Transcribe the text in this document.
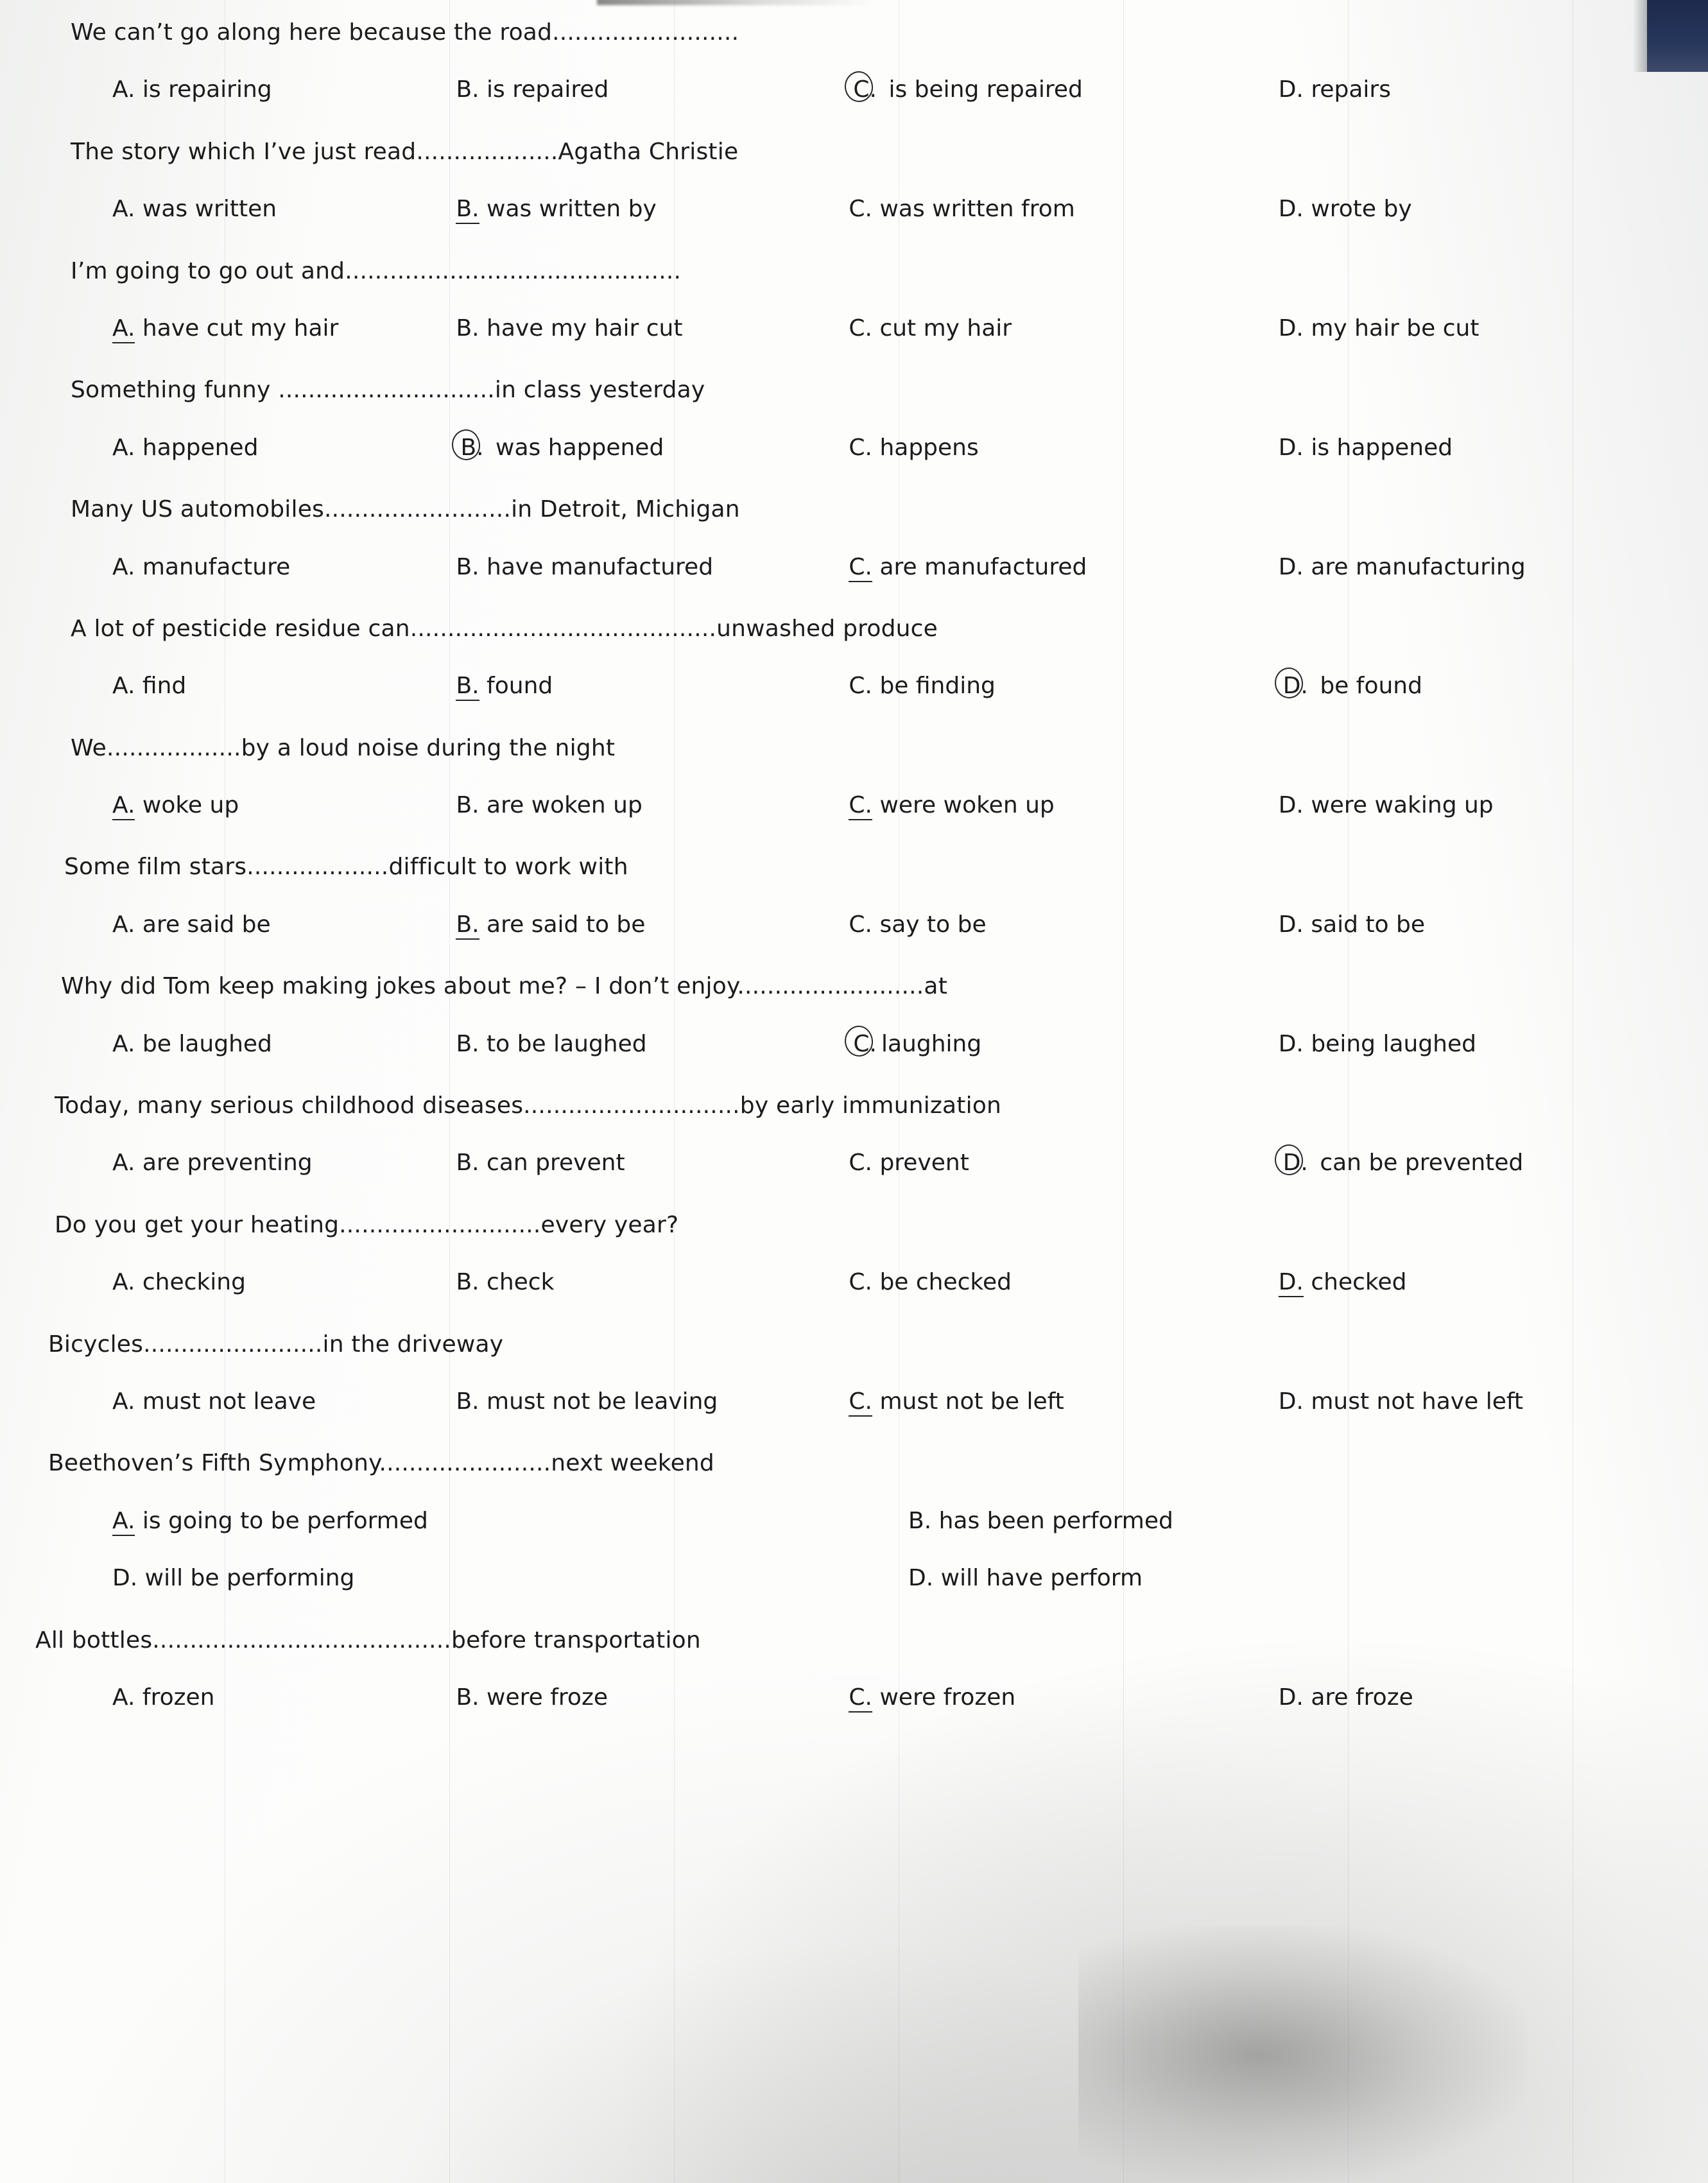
We can’t go along here because the road.........................
A. is repairing	B. is repaired	C. is being repaired	D. repairs
The story which I’ve just read...................Agatha Christie
A. was written	B. was written by	C. was written from	D. wrote by
I’m going to go out and.............................................
A. have cut my hair	B. have my hair cut	C. cut my hair	D. my hair be cut
Something funny .............................in class yesterday
A. happened	B. was happened	C. happens	D. is happened
Many US automobiles.........................in Detroit, Michigan
A. manufacture	B. have manufactured	C. are manufactured	D. are manufacturing
A lot of pesticide residue can.........................................unwashed produce
A. find	B. found	C. be finding	D. be found
We..................by a loud noise during the night
A. woke up	B. are woken up	C. were woken up	D. were waking up
Some film stars...................difficult to work with
A. are said be	B. are said to be	C. say to be	D. said to be
Why did Tom keep making jokes about me? – I don’t enjoy.........................at
A. be laughed	B. to be laughed	C. laughing	D. being laughed
Today, many serious childhood diseases.............................by early immunization
A. are preventing	B. can prevent	C. prevent	D. can be prevented
Do you get your heating...........................every year?
A. checking	B. check	C. be checked	D. checked
Bicycles........................in the driveway
A. must not leave	B. must not be leaving	C. must not be left	D. must not have left
Beethoven’s Fifth Symphony.......................next weekend
A. is going to be performed	B. has been performed
D. will be performing	D. will have perform
All bottles........................................before transportation
A. frozen	B. were froze	C. were frozen	D. are froze
